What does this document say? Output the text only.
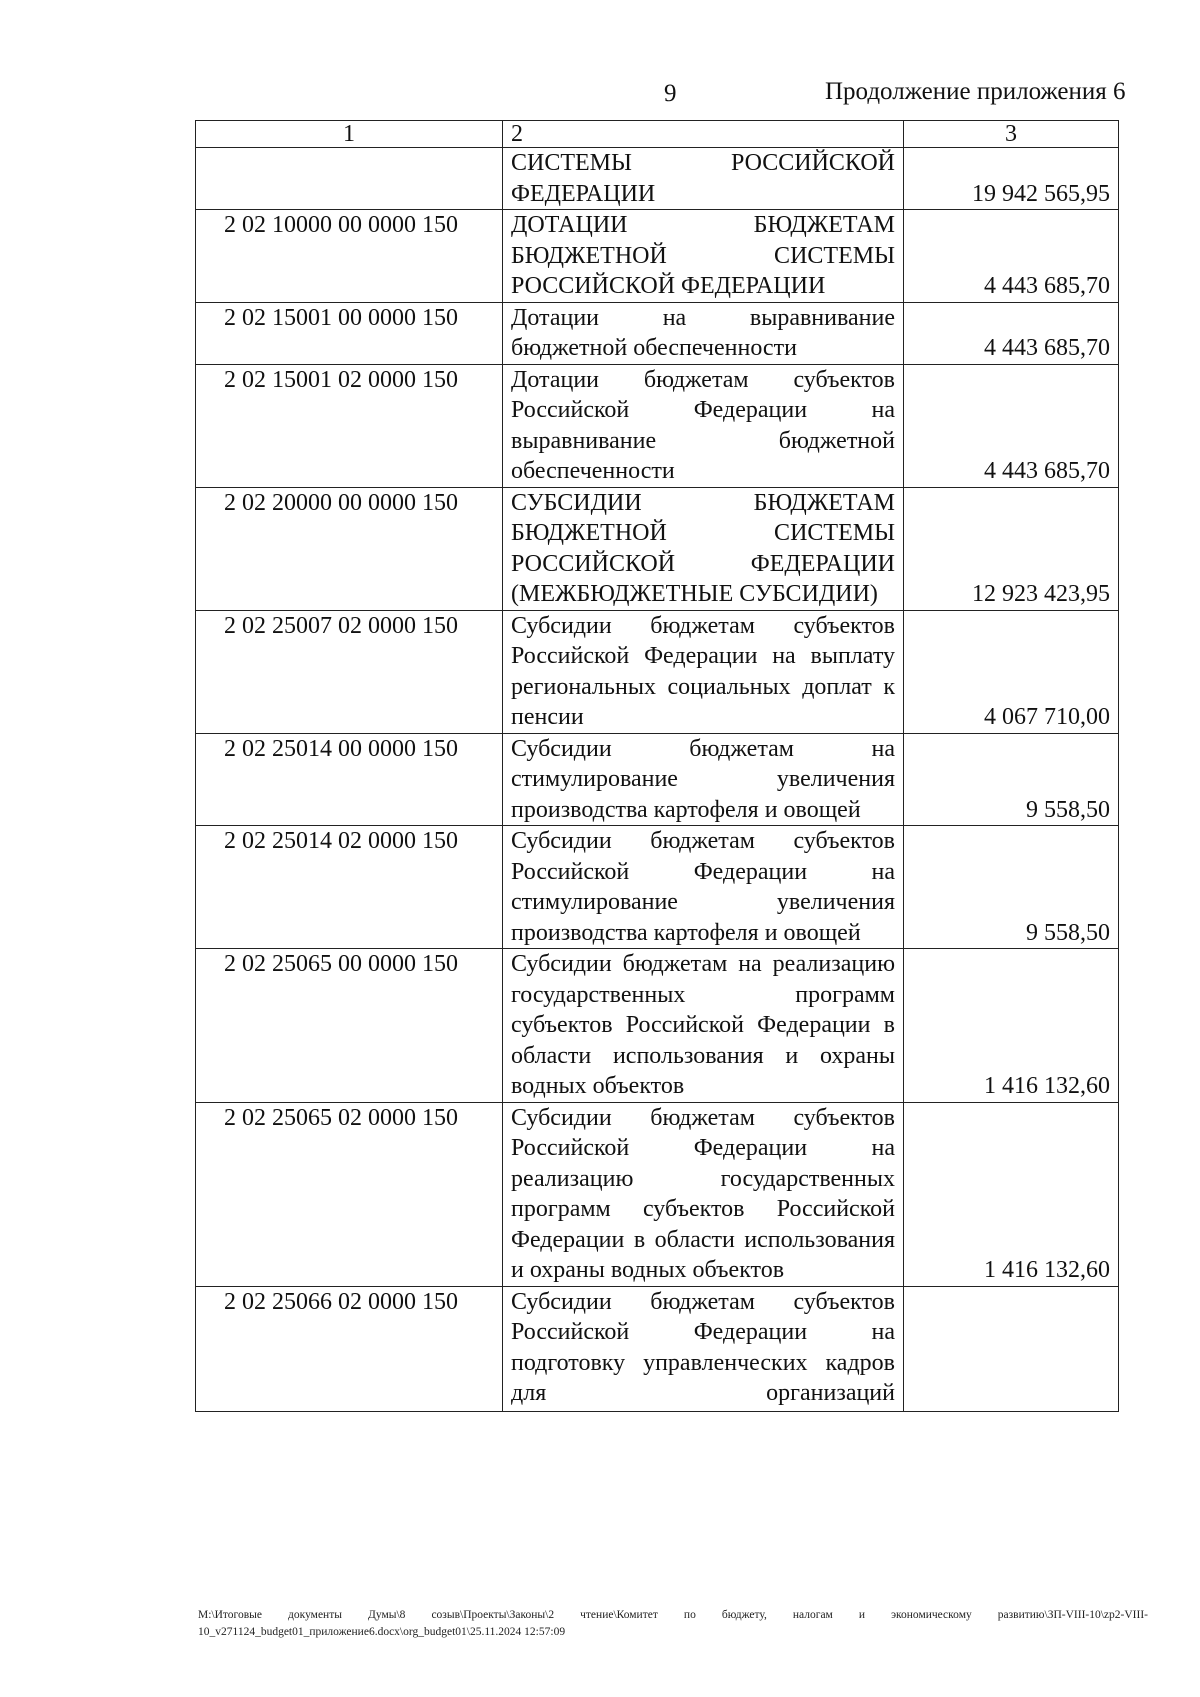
9	Продолжение приложения 6
1	2	3
	СИСТЕМЫ РОССИЙСКОЙ ФЕДЕРАЦИИ	19 942 565,95
2 02 10000 00 0000 150	ДОТАЦИИ БЮДЖЕТАМ БЮДЖЕТНОЙ СИСТЕМЫ РОССИЙСКОЙ ФЕДЕРАЦИИ	4 443 685,70
2 02 15001 00 0000 150	Дотации на выравнивание бюджетной обеспеченности	4 443 685,70
2 02 15001 02 0000 150	Дотации бюджетам субъектов Российской Федерации на выравнивание бюджетной обеспеченности	4 443 685,70
2 02 20000 00 0000 150	СУБСИДИИ БЮДЖЕТАМ БЮДЖЕТНОЙ СИСТЕМЫ РОССИЙСКОЙ ФЕДЕРАЦИИ (МЕЖБЮДЖЕТНЫЕ СУБСИДИИ)	12 923 423,95
2 02 25007 02 0000 150	Субсидии бюджетам субъектов Российской Федерации на выплату региональных социальных доплат к пенсии	4 067 710,00
2 02 25014 00 0000 150	Субсидии бюджетам на стимулирование увеличения производства картофеля и овощей	9 558,50
2 02 25014 02 0000 150	Субсидии бюджетам субъектов Российской Федерации на стимулирование увеличения производства картофеля и овощей	9 558,50
2 02 25065 00 0000 150	Субсидии бюджетам на реализацию государственных программ субъектов Российской Федерации в области использования и охраны водных объектов	1 416 132,60
2 02 25065 02 0000 150	Субсидии бюджетам субъектов Российской Федерации на реализацию государственных программ субъектов Российской Федерации в области использования и охраны водных объектов	1 416 132,60
2 02 25066 02 0000 150	Субсидии бюджетам субъектов Российской Федерации на подготовку управленческих кадров для организаций	
M:\Итоговые документы Думы\8 созыв\Проекты\Законы\2 чтение\Комитет по бюджету, налогам и экономическому развитию\ЗП-VIII-10\zp2-VIII-10_v271124_budget01_приложение6.docx\org_budget01\25.11.2024 12:57:09
